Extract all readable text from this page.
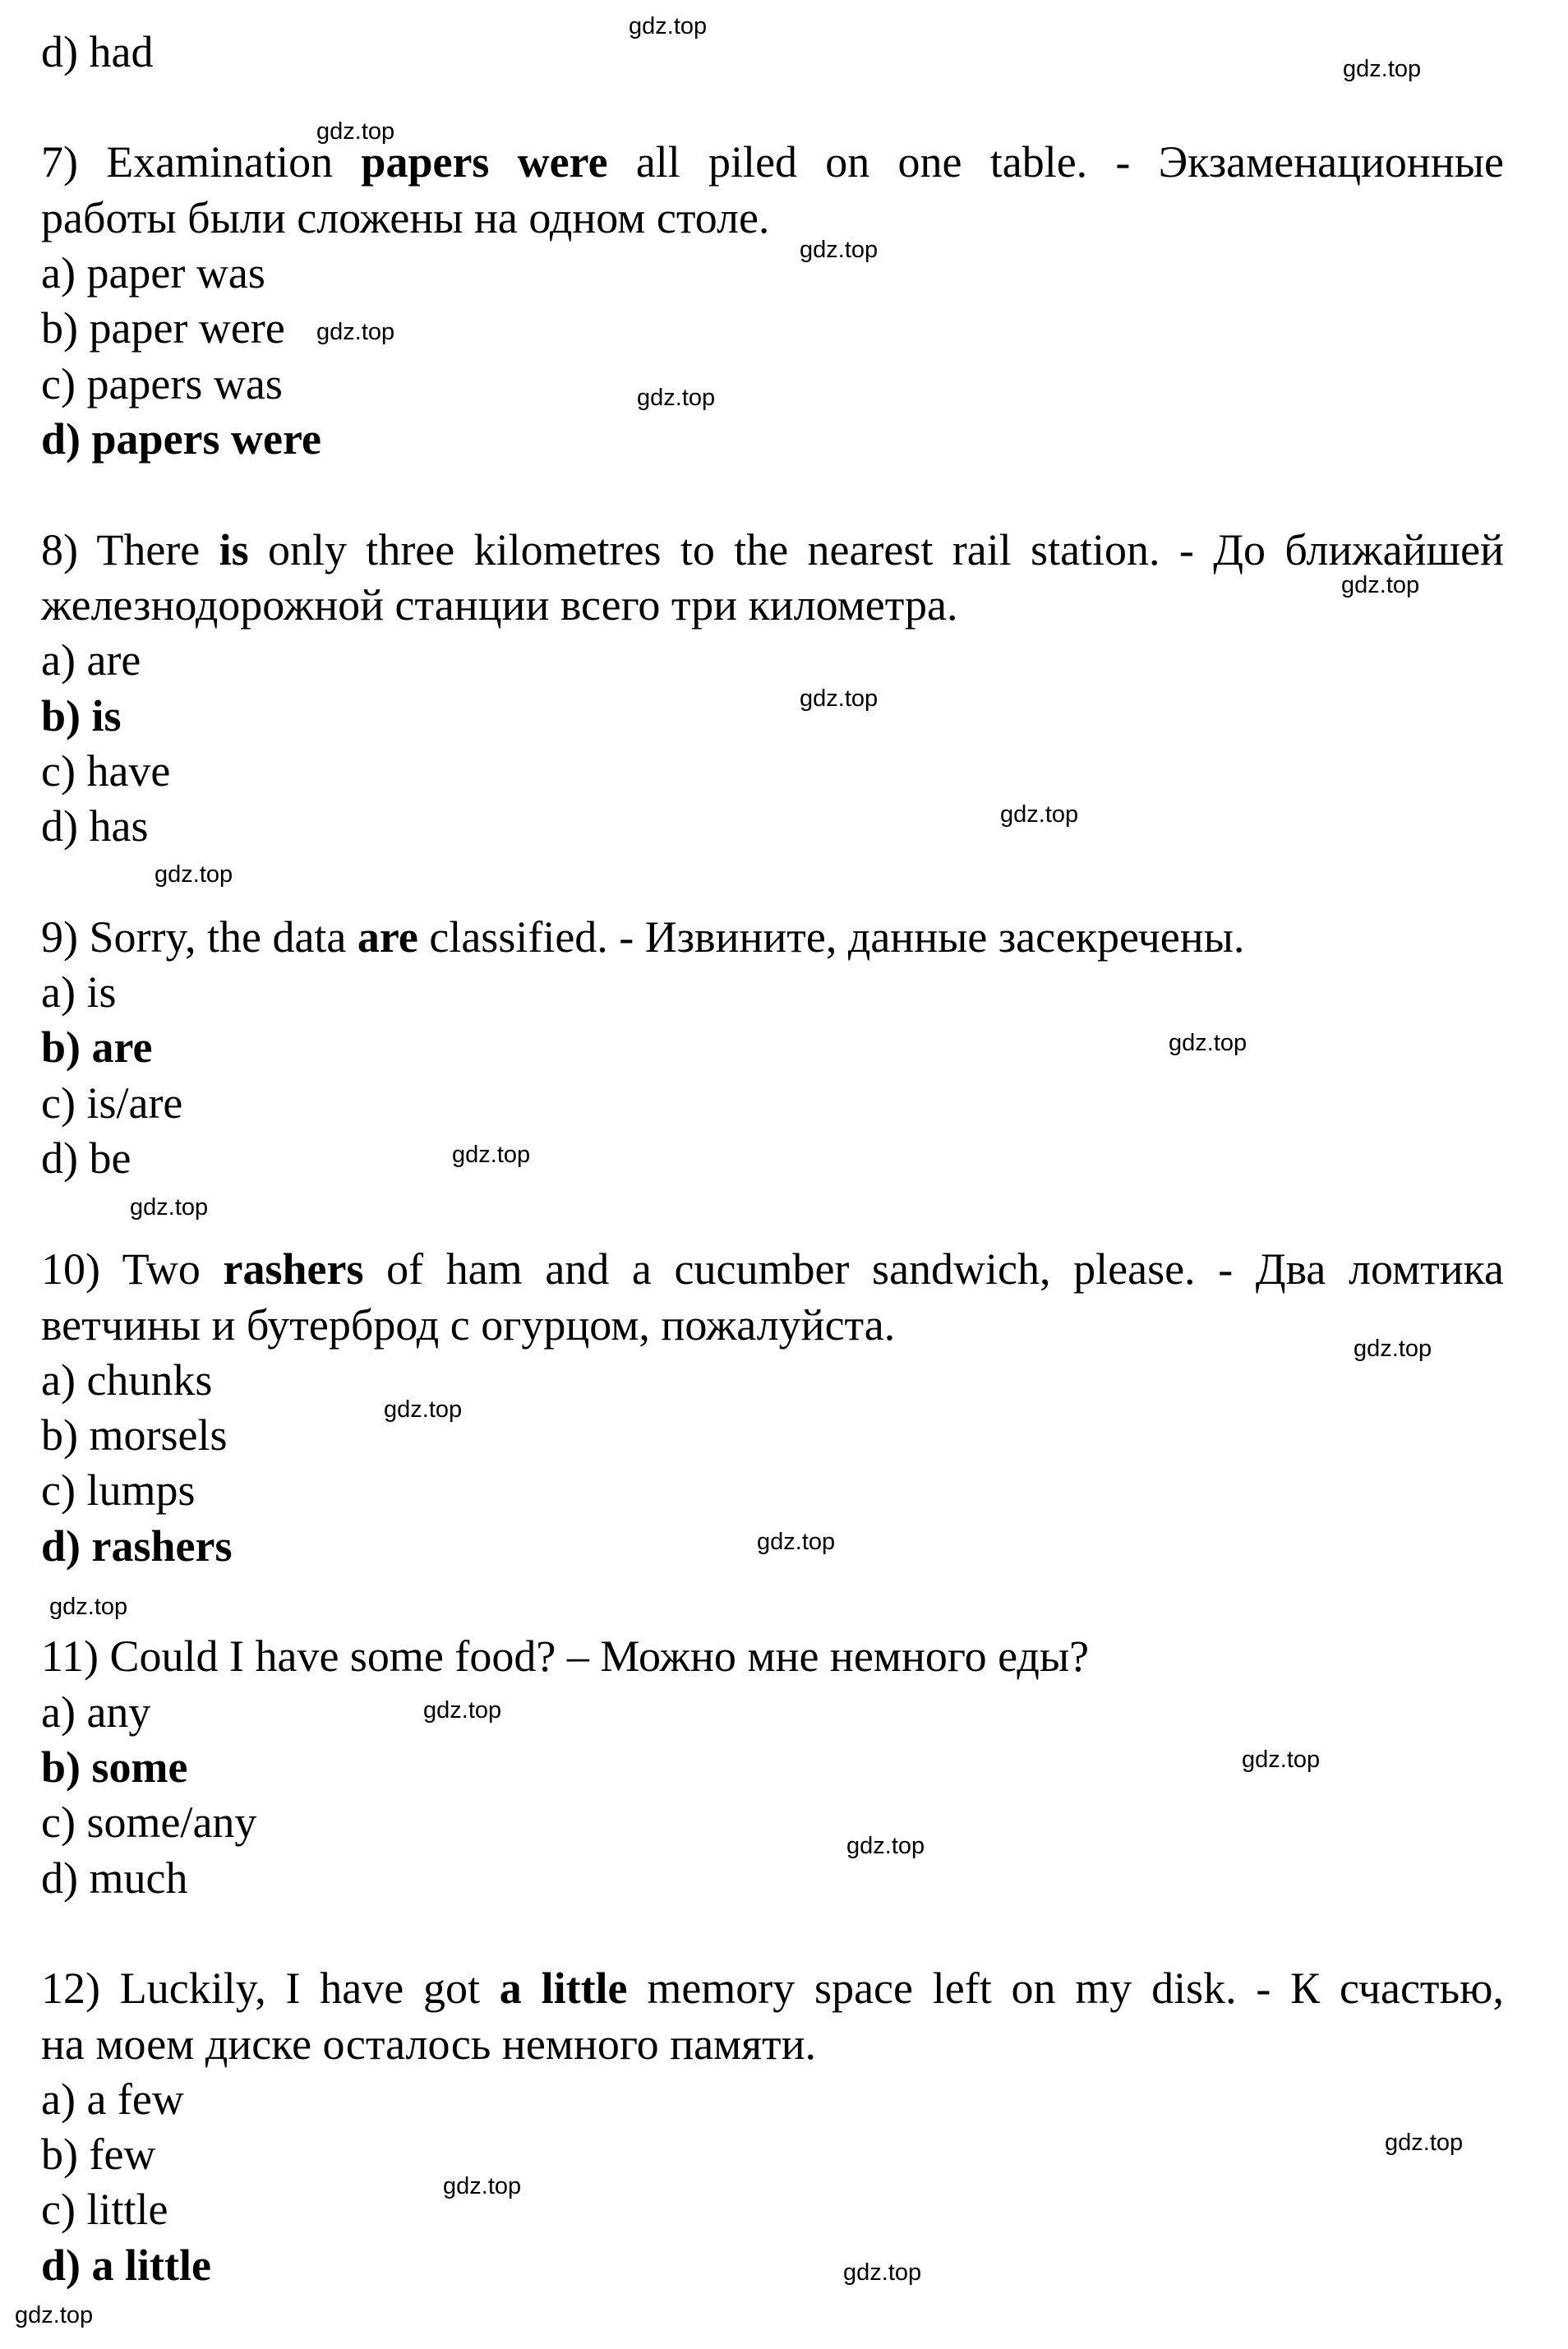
d) had
7) Examination papers were all piled on one table. - Экзаменационные
работы были сложены на одном столе.
a) paper was
b) paper were
c) papers was
d) papers were
8) There is only three kilometres to the nearest rail station. - До ближайшей
железнодорожной станции всего три километра.
a) are
b) is
c) have
d) has
9) Sorry, the data are classified. - Извините, данные засекречены.
a) is
b) are
c) is/are
d) be
10) Two rashers of ham and a cucumber sandwich, please. - Два ломтика
ветчины и бутерброд с огурцом, пожалуйста.
a) chunks
b) morsels
c) lumps
d) rashers
11) Could I have some food? – Можно мне немного еды?
a) any
b) some
c) some/any
d) much
12) Luckily, I have got a little memory space left on my disk. - К счастью,
на моем диске осталось немного памяти.
a) a few
b) few
c) little
d) a little
gdz.top
gdz.top
gdz.top
gdz.top
gdz.top
gdz.top
gdz.top
gdz.top
gdz.top
gdz.top
gdz.top
gdz.top
gdz.top
gdz.top
gdz.top
gdz.top
gdz.top
gdz.top
gdz.top
gdz.top
gdz.top
gdz.top
gdz.top
gdz.top
